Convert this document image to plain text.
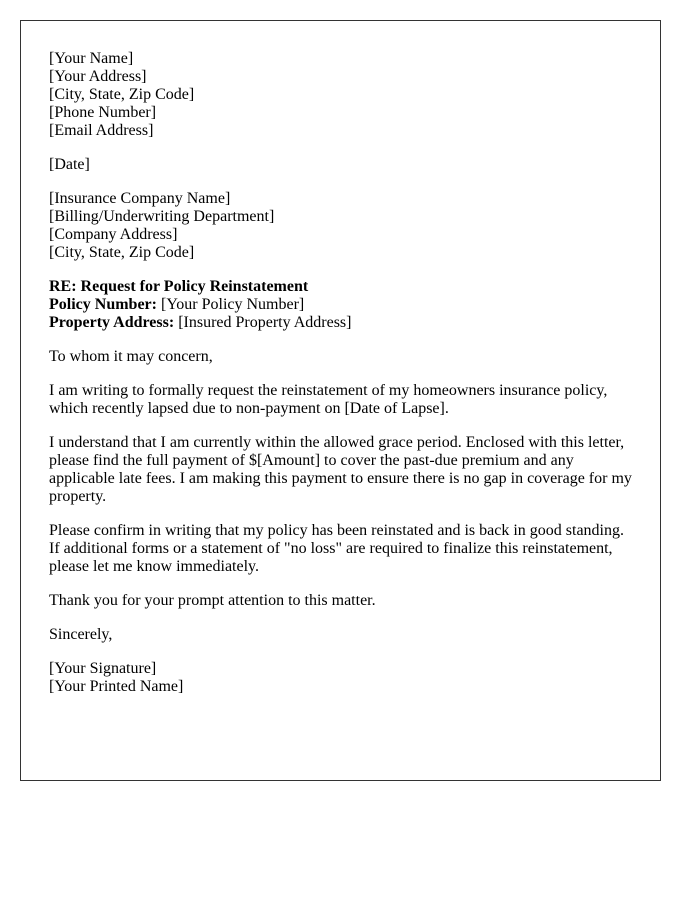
[Your Name]
[Your Address]
[City, State, Zip Code]
[Phone Number]
[Email Address]

[Date]

[Insurance Company Name]
[Billing/Underwriting Department]
[Company Address]
[City, State, Zip Code]

RE: Request for Policy Reinstatement
Policy Number: [Your Policy Number]
Property Address: [Insured Property Address]

To whom it may concern,

I am writing to formally request the reinstatement of my homeowners insurance policy, which recently lapsed due to non-payment on [Date of Lapse].

I understand that I am currently within the allowed grace period. Enclosed with this letter, please find the full payment of $[Amount] to cover the past-due premium and any applicable late fees. I am making this payment to ensure there is no gap in coverage for my property.

Please confirm in writing that my policy has been reinstated and is back in good standing. If additional forms or a statement of "no loss" are required to finalize this reinstatement, please let me know immediately.

Thank you for your prompt attention to this matter.

Sincerely,

[Your Signature]
[Your Printed Name]
